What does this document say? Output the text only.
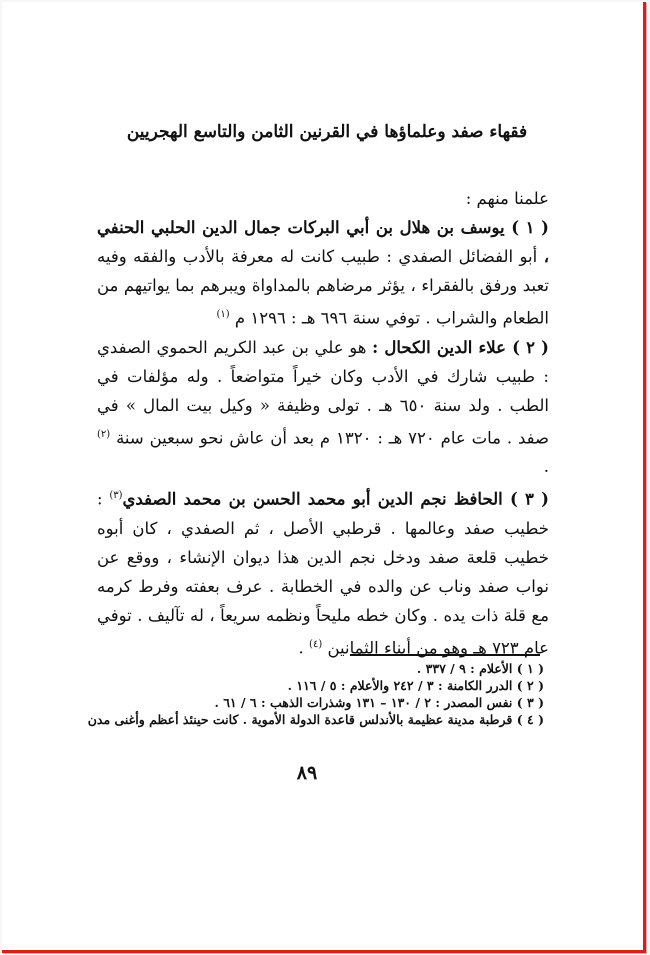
فقهاء صفد وعلماؤها في القرنين الثامن والتاسع الهجريين

علمنا منهم :

( ١ ) يوسف بن هلال بن أبي البركات جمال الدين الحلبي الحنفي ، أبو الفضائل الصفدي : طبيب كانت له معرفة بالأدب والفقه وفيه تعبد ورفق بالفقراء ، يؤثر مرضاهم بالمداواة ويبرهم بما يواتيهم من الطعام والشراب . توفي سنة ٦٩٦ هـ : ١٢٩٦ م $^{(١)}$

( ٢ ) علاء الدين الكحال : هو علي بن عبد الكريم الحموي الصفدي : طبيب شارك في الأدب وكان خيراً متواضعاً . وله مؤلفات في الطب . ولد سنة ٦٥٠ هـ . تولى وظيفة « وكيل بيت المال » في صفد . مات عام ٧٢٠ هـ : ١٣٢٠ م بعد أن عاش نحو سبعين سنة $^{(٢)}$ .

( ٣ ) الحافظ نجم الدين أبو محمد الحسن بن محمد الصفدي$^{(٣)}$ : خطيب صفد وعالمها . قرطبي الأصل ، ثم الصفدي ، كان أبوه خطيب قلعة صفد ودخل نجم الدين هذا ديوان الإنشاء ، ووقع عن نواب صفد وناب عن والده في الخطابة . عرف بعفته وفرط كرمه مع قلة ذات يده . وكان خطه مليحاً ونظمه سريعاً ، له تآليف . توفي عام ٧٢٣ هـ وهو من أبناء الثمانين $^{(٤)}$ .

( ١ ) الأعلام : ٩ / ٣٣٧ .
( ٢ ) الدرر الكامنة : ٣ / ٢٤٢ والأعلام : ٥ / ١١٦ .
( ٣ ) نفس المصدر : ٢ / ١٣٠ – ١٣١ وشذرات الذهب : ٦ / ٦١ .
( ٤ ) قرطبة مدينة عظيمة بالأندلس قاعدة الدولة الأموية . كانت حينئذ أعظم وأغنى مدن
٨٩
